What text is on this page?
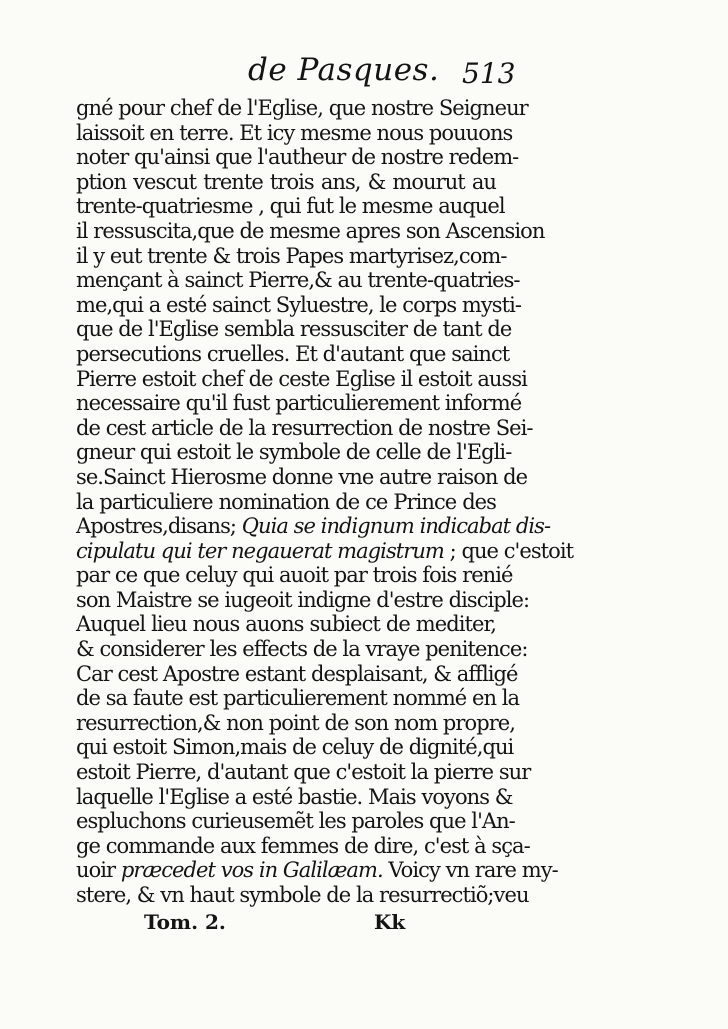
de Pasques. 513
gné pour chef de l'Eglise, que nostre Seigneur
laissoit en terre. Et icy mesme nous pouuons
noter qu'ainsi que l'autheur de nostre redem-
ption vescut trente trois ans, & mourut au
trente-quatriesme , qui fut le mesme auquel
il ressuscita,que de mesme apres son Ascension
il y eut trente & trois Papes martyrisez,com-
mençant à sainct Pierre,& au trente-quatries-
me,qui a esté sainct Syluestre, le corps mysti-
que de l'Eglise sembla ressusciter de tant de
persecutions cruelles. Et d'autant que sainct
Pierre estoit chef de ceste Eglise il estoit aussi
necessaire qu'il fust particulierement informé
de cest article de la resurrection de nostre Sei-
gneur qui estoit le symbole de celle de l'Egli-
se.Sainct Hierosme donne vne autre raison de
la particuliere nomination de ce Prince des
Apostres,disans; Quia se indignum indicabat dis-
cipulatu qui ter negauerat magistrum ; que c'estoit
par ce que celuy qui auoit par trois fois renié
son Maistre se iugeoit indigne d'estre disciple:
Auquel lieu nous auons subiect de mediter,
& considerer les effects de la vraye penitence:
Car cest Apostre estant desplaisant, & affligé
de sa faute est particulierement nommé en la
resurrection,& non point de son nom propre,
qui estoit Simon,mais de celuy de dignité,qui
estoit Pierre, d'autant que c'estoit la pierre sur
laquelle l'Eglise a esté bastie. Mais voyons &
espluchons curieusemẽt les paroles que l'An-
ge commande aux femmes de dire, c'est à sça-
uoir præcedet vos in Galilæam. Voicy vn rare my-
stere, & vn haut symbole de la resurrectiõ;veu
Tom. 2.	Kk
